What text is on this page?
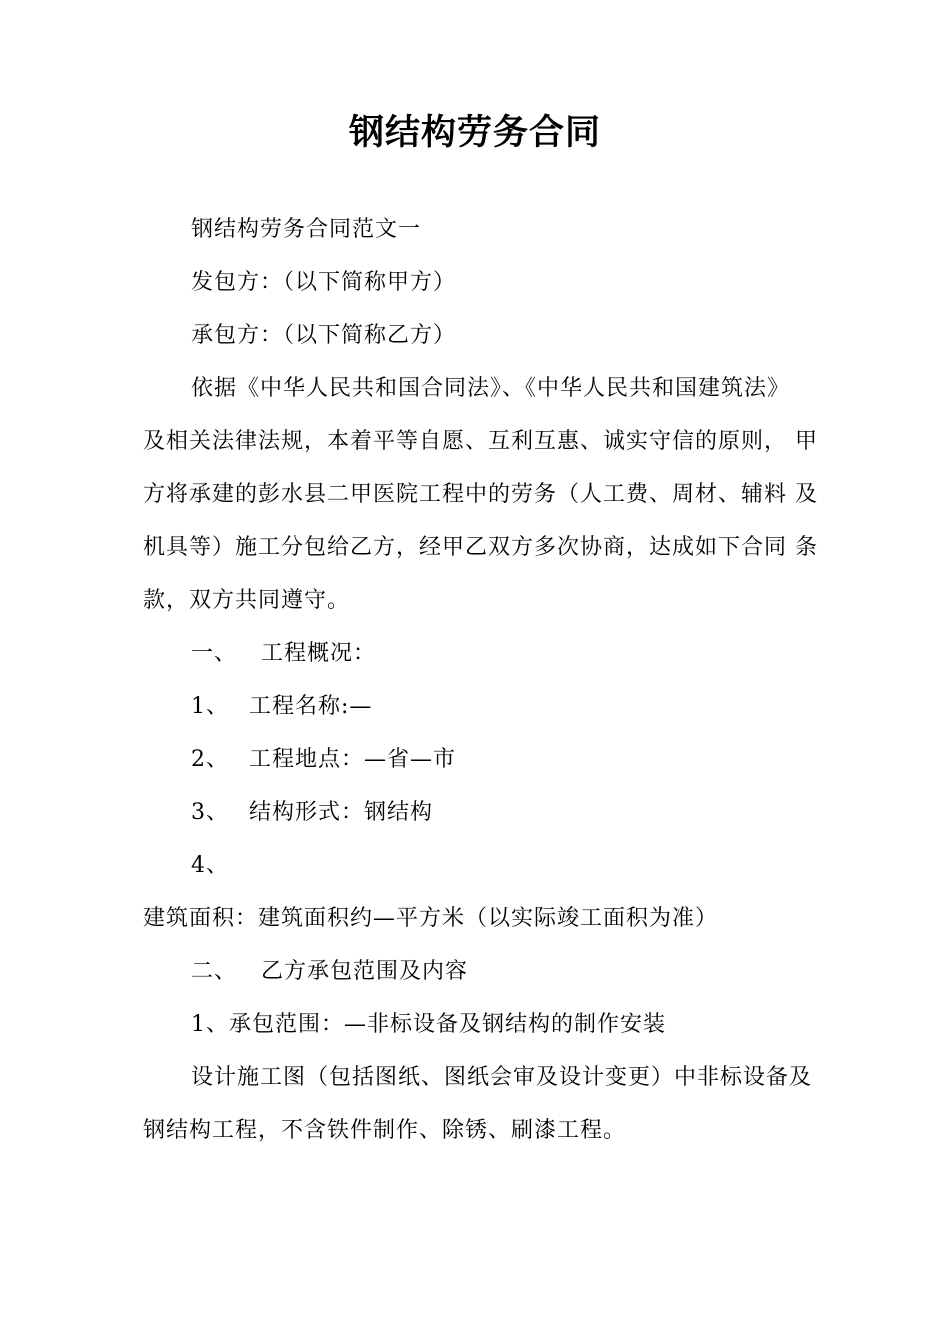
钢结构劳务合同

钢结构劳务合同范文一

发包方：（以下简称甲方）

承包方：（以下简称乙方）

依据《中华人民共和国合同法》、《中华人民共和国建筑法》 及相关法律法规，本着平等自愿、互利互惠、诚实守信的原则， 甲方将承建的彭水县二甲医院工程中的劳务（人工费、周材、辅料 及机具等）施工分包给乙方，经甲乙双方多次协商，达成如下合同 条款，双方共同遵守。

一、 工程概况：

1、 工程名称:—

2、 工程地点：—省—市

3、 结构形式：钢结构

4、建筑面积：建筑面积约—平方米（以实际竣工面积为准）

二、 乙方承包范围及内容

1、承包范围：—非标设备及钢结构的制作安装

设计施工图（包括图纸、图纸会审及设计变更）中非标设备及 钢结构工程，不含铁件制作、除锈、刷漆工程。
